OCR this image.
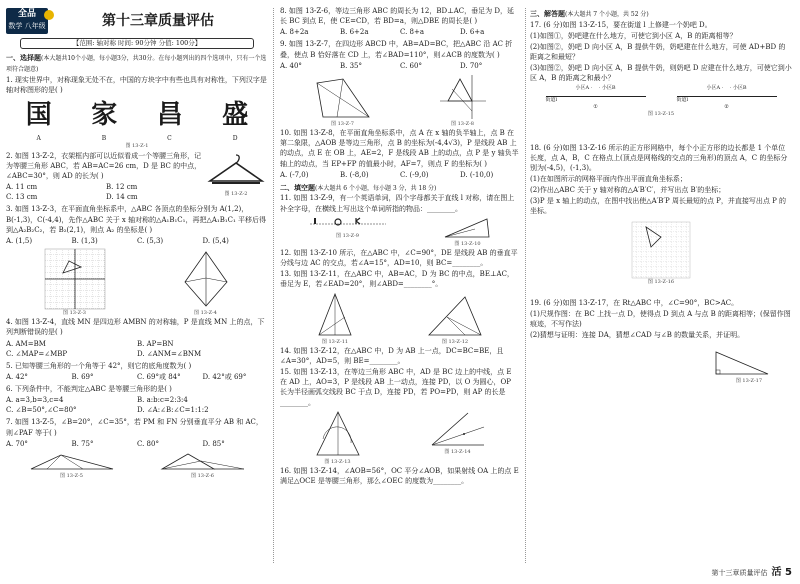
全品
数学 八年级	第十三章质量评估
【范围: 轴对称 时间: 90分钟 分值: 100分】
一、选择题(本大题共10个小题，每小题3分，共30分。在每小题列出的四个选项中，只有一个选项符合题意)
1. 现实世界中，对称现象无处不在，中国的方块字中有些也具有对称性，下列汉字是轴对称图形的是( )
国 家 昌 盛
A	B	C	D
图 13-Z-1
2. 如图 13-Z-2，衣架框内部可以近似看成一个等腰三角形，记为等腰三角形 ABC，若 AB=AC=26 cm，D 是 BC 的中点，∠ABC=30°，则 AD 的长为( )
A. 11 cm	B. 12 cm
C. 13 cm	D. 14 cm	图 13-Z-2
3. 如图 13-Z-3，在平面直角坐标系中，△ABC 各顶点的坐标分别为 A(1,2)，B(-1,3)，C(-4,4)，先作△ABC 关于 x 轴对称的△A₁B₁C₁，再把△A₁B₁C₁ 平移后得到△A₂B₂C₂，若 B₂(2,1)，则点 A₂ 的坐标是( )
A. (1,5)	B. (1,3)	C. (5,3)	D. (5,4)
图 13-Z-3	图 13-Z-4
4. 如图 13-Z-4，直线 MN 是四边形 AMBN 的对称轴，P 是直线 MN 上的点，下列判断错误的是( )
A. AM=BM	B. AP=BN
C. ∠MAP=∠MBP	D. ∠ANM=∠BNM
5. 已知等腰三角形的一个角等于 42°，则它的底角度数为( )
A. 42°	B. 69°	C. 69°或 84°	D. 42°或 69°
6. 下列条件中，不能判定△ABC 是等腰三角形的是( )
A. a=3,b=3,c=4	B. a:b:c=2:3:4
C. ∠B=50°,∠C=80°	D. ∠A:∠B:∠C=1:1:2
7. 如图 13-Z-5，∠B=20°，∠C=35°，若 PM 和 FN 分别垂直平分 AB 和 AC，则∠PAF 等于( )
A. 70°	B. 75°	C. 80°	D. 85°
图 13-Z-5	图 13-Z-6
8. 如图 13-Z-6，等边三角形 ABC 的周长为 12，BD⊥AC，垂足为 D，延长 BC 到点 E，使 CE=CD，若 BD=a，则△DBE 的周长是( )
A. 8+2a	B. 6+2a	C. 8+a	D. 6+a
9. 如图 13-Z-7，在四边形 ABCD 中，AB=AD=BC，把△ABC 沿 AC 折叠，使点 B 恰好落在 CD 上，若∠BAD=110°，则∠ACB 的度数为( )
A. 40°	B. 35°	C. 60°	D. 70°
图 13-Z-7	图 13-Z-8
10. 如图 13-Z-8，在平面直角坐标系中，点 A 在 x 轴的负半轴上，点 B 在第二象限，△AOB 是等边三角形，点 B 的坐标为(-4,4√3)，P 是线段 AB 上的动点，点 E 在 OB 上，AE=2，F 是线段 AB 上的动点，点 P 是 y 轴负半轴上的动点，当 EP+FP 的值最小时，AF=7，则点 F 的坐标为( )
A. (-7,0)	B. (-8,0)	C. (-9,0)	D. (-10,0)
二、填空题(本大题共 6 个小题，每小题 3 分，共 18 分)
11. 如图 13-Z-9，有一个英语单词，四个字母都关于直线 l 对称，请在图上补全字母，在横线上写出这个单词所指的物品：________。
图 13-Z-9
图 13-Z-10
12. 如图 13-Z-10 所示，在△ABC 中，∠C=90°，DE 是线段 AB 的垂直平分线与边 AC 的交点，若∠A=15°，AD=10，则 BC=________。
13. 如图 13-Z-11，在△ABC 中，AB=AC，D 为 BC 的中点，BE⊥AC，垂足为 E，若∠EAD=20°，则∠ABD=________°。
图 13-Z-11	图 13-Z-12
14. 如图 13-Z-12，在△ABC 中，D 为 AB 上一点，DC=BC=BE，且∠A=30°，AD=5，则 BE=________。
15. 如图 13-Z-13，在等边三角形 ABC 中，AD 是 BC 边上的中线，点 E 在 AD 上，AO=3，P 是线段 AB 上一动点，连接 PD，以 O 为圆心，OP 长为半径画弧交线段 BC 于点 D，连接 PD，若 PO=PD，则 AP 的长是________。
图 13-Z-13
图 13-Z-14
16. 如图 13-Z-14，∠AOB=56°，OC 平分∠AOB，如果射线 OA 上的点 E 满足△OCE 是等腰三角形，那么∠OEC 的度数为________。
三、解答题(本大题共 7 个小题，共 52 分)
17. (6 分)如图 13-Z-15，要在街道 l 上修建一个奶吧 D。
(1)如图①，奶吧建在什么地方，可使它到小区 A，B 的距离相等？
(2)如图②，奶吧 D 向小区 A，B 提供牛奶，奶吧建在什么地方，可使 AD+BD 的距离之和最短？
(3)如图②，奶吧 D 向小区 A，B 提供牛奶，则奶吧 D 应建在什么地方，可使它到小区 A，B 的距离之和最小？
小区A ·    · 小区B
街道l
①
小区A ·    · 小区B
街道l
②
图 13-Z-15
18. (6 分)如图 13-Z-16 所示的正方形网格中，每个小正方形的边长都是 1 个单位长度，点 A，B，C 在格点上(顶点是网格线的交点的三角形)的顶点 A，C 的坐标分别为(-4,5)，(-1,3)。
(1)在如图所示的网格平面内作出平面直角坐标系；
(2)作出△ABC 关于 y 轴对称的△A′B′C′，并写出点 B′的坐标；
(3)P 是 x 轴上的动点，在图中找出使△A′B′P 周长最短的点 P，并直接写出点 P 的坐标。
图 13-Z-16
19. (6 分)如图 13-Z-17，在 Rt△ABC 中，∠C=90°，BC>AC。
(1)尺规作图：在 BC 上找一点 D，使得点 D 到点 A 与点 B 的距离相等；(保留作图痕迹，不写作法)
(2)猜想与证明：连接 DA，猜想∠CAD 与∠B 的数量关系，并证明。
图 13-Z-17
第十三章质量评估 活 5
